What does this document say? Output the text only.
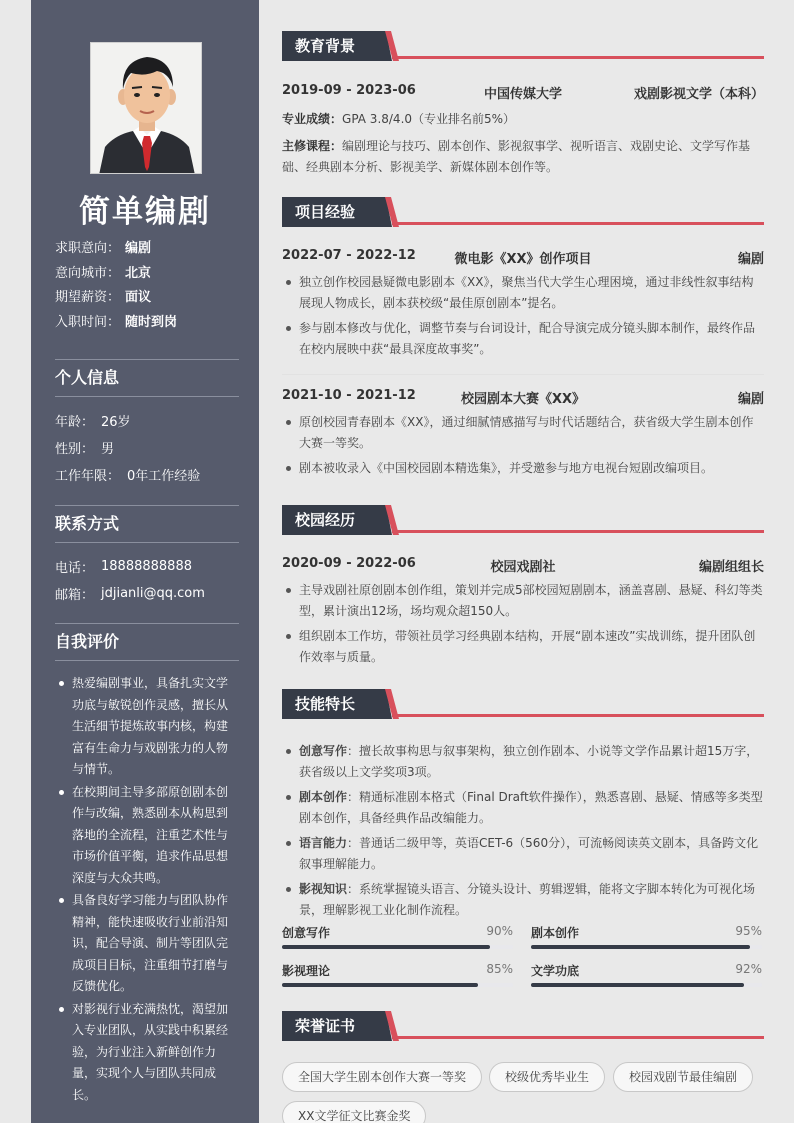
简单编剧
求职意向： 编剧
意向城市： 北京
期望薪资： 面议
入职时间： 随时到岗
个人信息
年龄： 26岁
性别： 男
工作年限： 0年工作经验
联系方式
电话： 18888888888
邮箱： jdjianli@qq.com
自我评价
热爱编剧事业，具备扎实文学功底与敏锐创作灵感，擅长从生活细节提炼故事内核，构建富有生命力与戏剧张力的人物与情节。
在校期间主导多部原创剧本创作与改编，熟悉剧本从构思到落地的全流程，注重艺术性与市场价值平衡，追求作品思想深度与大众共鸣。
具备良好学习能力与团队协作精神，能快速吸收行业前沿知识，配合导演、制片等团队完成项目目标，注重细节打磨与反馈优化。
对影视行业充满热忱，渴望加入专业团队，从实践中积累经验，为行业注入新鲜创作力量，实现个人与团队共同成长。
教育背景
2019-09 - 2023-06	中国传媒大学	戏剧影视文学（本科）

专业成绩：GPA 3.8/4.0（专业排名前5%）

主修课程：编剧理论与技巧、剧本创作、影视叙事学、视听语言、戏剧史论、文学写作基础、经典剧本分析、影视美学、新媒体剧本创作等。

项目经验
2022-07 - 2022-12	微电影《XX》创作项目	编剧
独立创作校园悬疑微电影剧本《XX》，聚焦当代大学生心理困境，通过非线性叙事结构展现人物成长，剧本获校级“最佳原创剧本”提名。
参与剧本修改与优化，调整节奏与台词设计，配合导演完成分镜头脚本制作，最终作品在校内展映中获“最具深度故事奖”。
2021-10 - 2021-12	校园剧本大赛《XX》	编剧
原创校园青春剧本《XX》，通过细腻情感描写与时代话题结合，获省级大学生剧本创作大赛一等奖。
剧本被收录入《中国校园剧本精选集》，并受邀参与地方电视台短剧改编项目。
校园经历
2020-09 - 2022-06	校园戏剧社	编剧组组长
主导戏剧社原创剧本创作组，策划并完成5部校园短剧剧本，涵盖喜剧、悬疑、科幻等类型，累计演出12场，场均观众超150人。
组织剧本工作坊，带领社员学习经典剧本结构，开展“剧本速改”实战训练，提升团队创作效率与质量。
技能特长
创意写作：擅长故事构思与叙事架构，独立创作剧本、小说等文学作品累计超15万字，获省级以上文学奖项3项。
剧本创作：精通标准剧本格式（Final Draft软件操作），熟悉喜剧、悬疑、情感等多类型剧本创作，具备经典作品改编能力。
语言能力：普通话二级甲等，英语CET-6（560分），可流畅阅读英文剧本，具备跨文化叙事理解能力。
影视知识：系统掌握镜头语言、分镜头设计、剪辑逻辑，能将文字脚本转化为可视化场景，理解影视工业化制作流程。
创意写作	90% 剧本创作	95%
影视理论	85% 文学功底	92%
荣誉证书
全国大学生剧本创作大赛一等奖	校级优秀毕业生	校园戏剧节最佳编剧
XX文学征文比赛金奖
